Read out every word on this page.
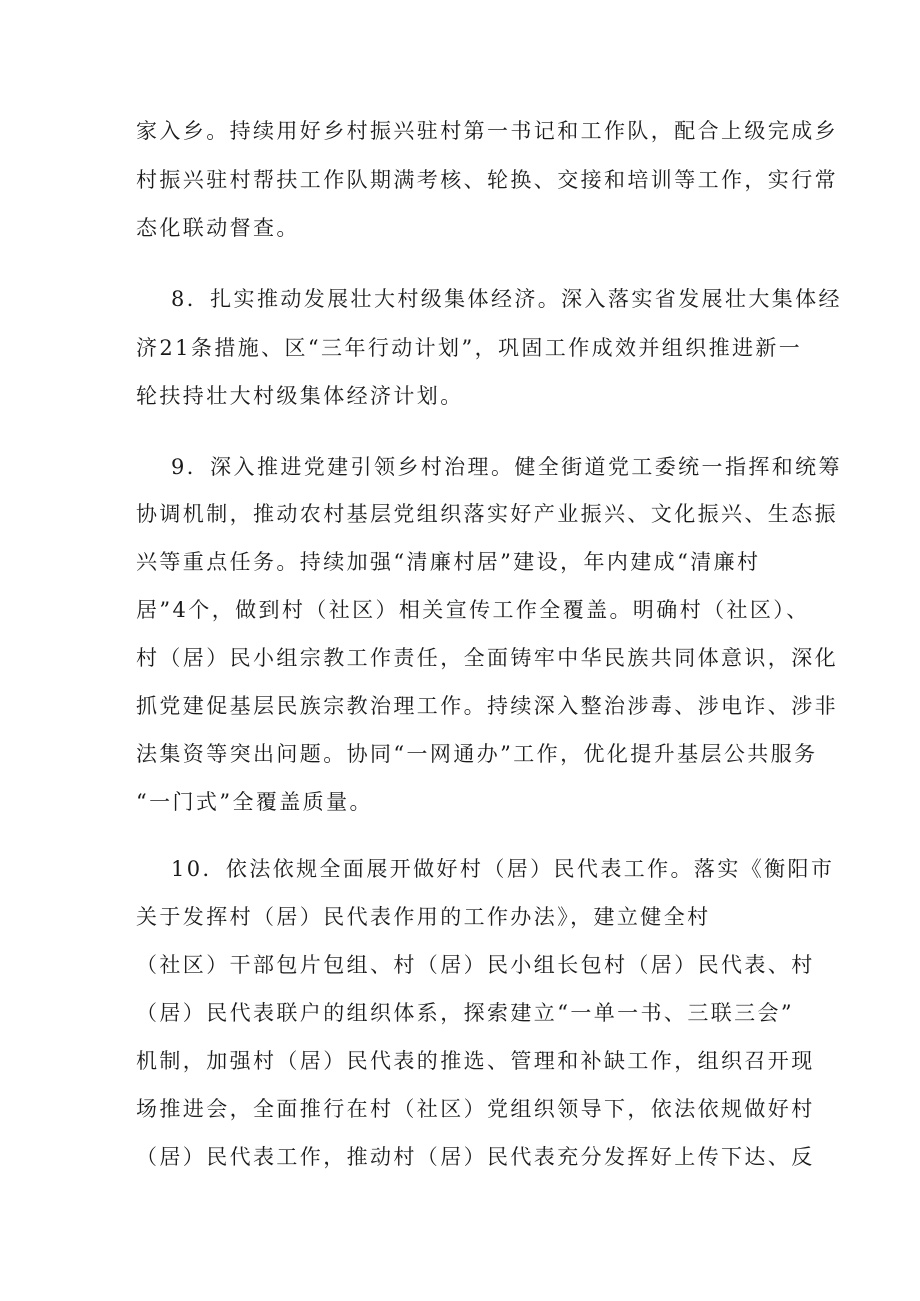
家入乡。持续用好乡村振兴驻村第一书记和工作队，配合上级完成乡
村振兴驻村帮扶工作队期满考核、轮换、交接和培训等工作，实行常
态化联动督查。
8．扎实推动发展壮大村级集体经济。深入落实省发展壮大集体经
济21条措施、区“三年行动计划”，巩固工作成效并组织推进新一
轮扶持壮大村级集体经济计划。
9．深入推进党建引领乡村治理。健全街道党工委统一指挥和统筹
协调机制，推动农村基层党组织落实好产业振兴、文化振兴、生态振
兴等重点任务。持续加强“清廉村居”建设，年内建成“清廉村
居”4个，做到村（社区）相关宣传工作全覆盖。明确村（社区）、
村（居）民小组宗教工作责任，全面铸牢中华民族共同体意识，深化
抓党建促基层民族宗教治理工作。持续深入整治涉毒、涉电诈、涉非
法集资等突出问题。协同“一网通办”工作，优化提升基层公共服务
“一门式”全覆盖质量。
10．依法依规全面展开做好村（居）民代表工作。落实《衡阳市
关于发挥村（居）民代表作用的工作办法》，建立健全村
（社区）干部包片包组、村（居）民小组长包村（居）民代表、村
（居）民代表联户的组织体系，探索建立“一单一书、三联三会”
机制，加强村（居）民代表的推选、管理和补缺工作，组织召开现
场推进会，全面推行在村（社区）党组织领导下，依法依规做好村
（居）民代表工作，推动村（居）民代表充分发挥好上传下达、反
